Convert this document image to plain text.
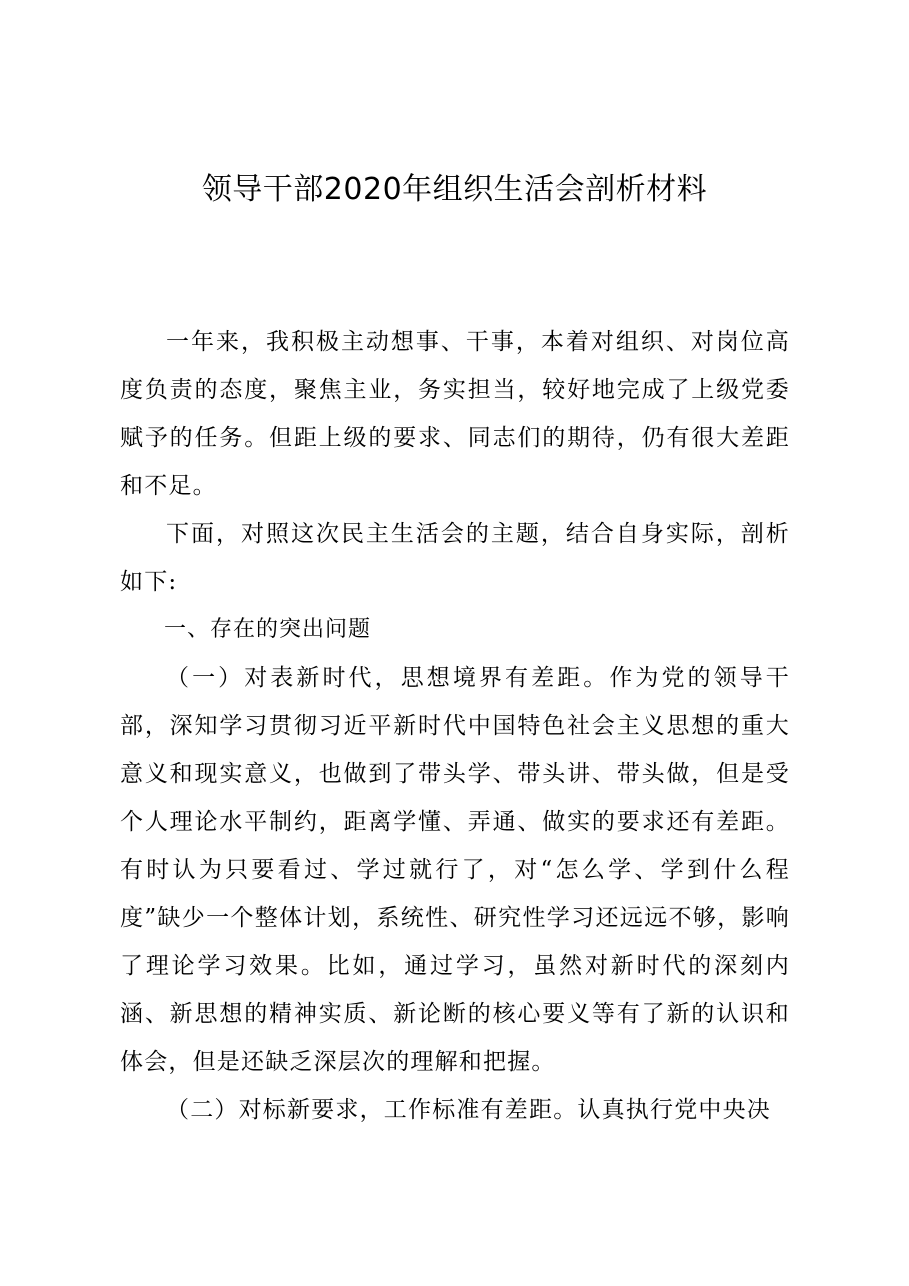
领导干部2020年组织生活会剖析材料

一年来，我积极主动想事、干事，本着对组织、对岗位高度负责的态度，聚焦主业，务实担当，较好地完成了上级党委赋予的任务。但距上级的要求、同志们的期待，仍有很大差距和不足。

下面，对照这次民主生活会的主题，结合自身实际，剖析如下:

一、存在的突出问题

（一）对表新时代，思想境界有差距。作为党的领导干部，深知学习贯彻习近平新时代中国特色社会主义思想的重大意义和现实意义，也做到了带头学、带头讲、带头做，但是受个人理论水平制约，距离学懂、弄通、做实的要求还有差距。有时认为只要看过、学过就行了，对“怎么学、学到什么程度”缺少一个整体计划，系统性、研究性学习还远远不够，影响了理论学习效果。比如，通过学习，虽然对新时代的深刻内涵、新思想的精神实质、新论断的核心要义等有了新的认识和体会，但是还缺乏深层次的理解和把握。

（二）对标新要求，工作标准有差距。认真执行党中央决
